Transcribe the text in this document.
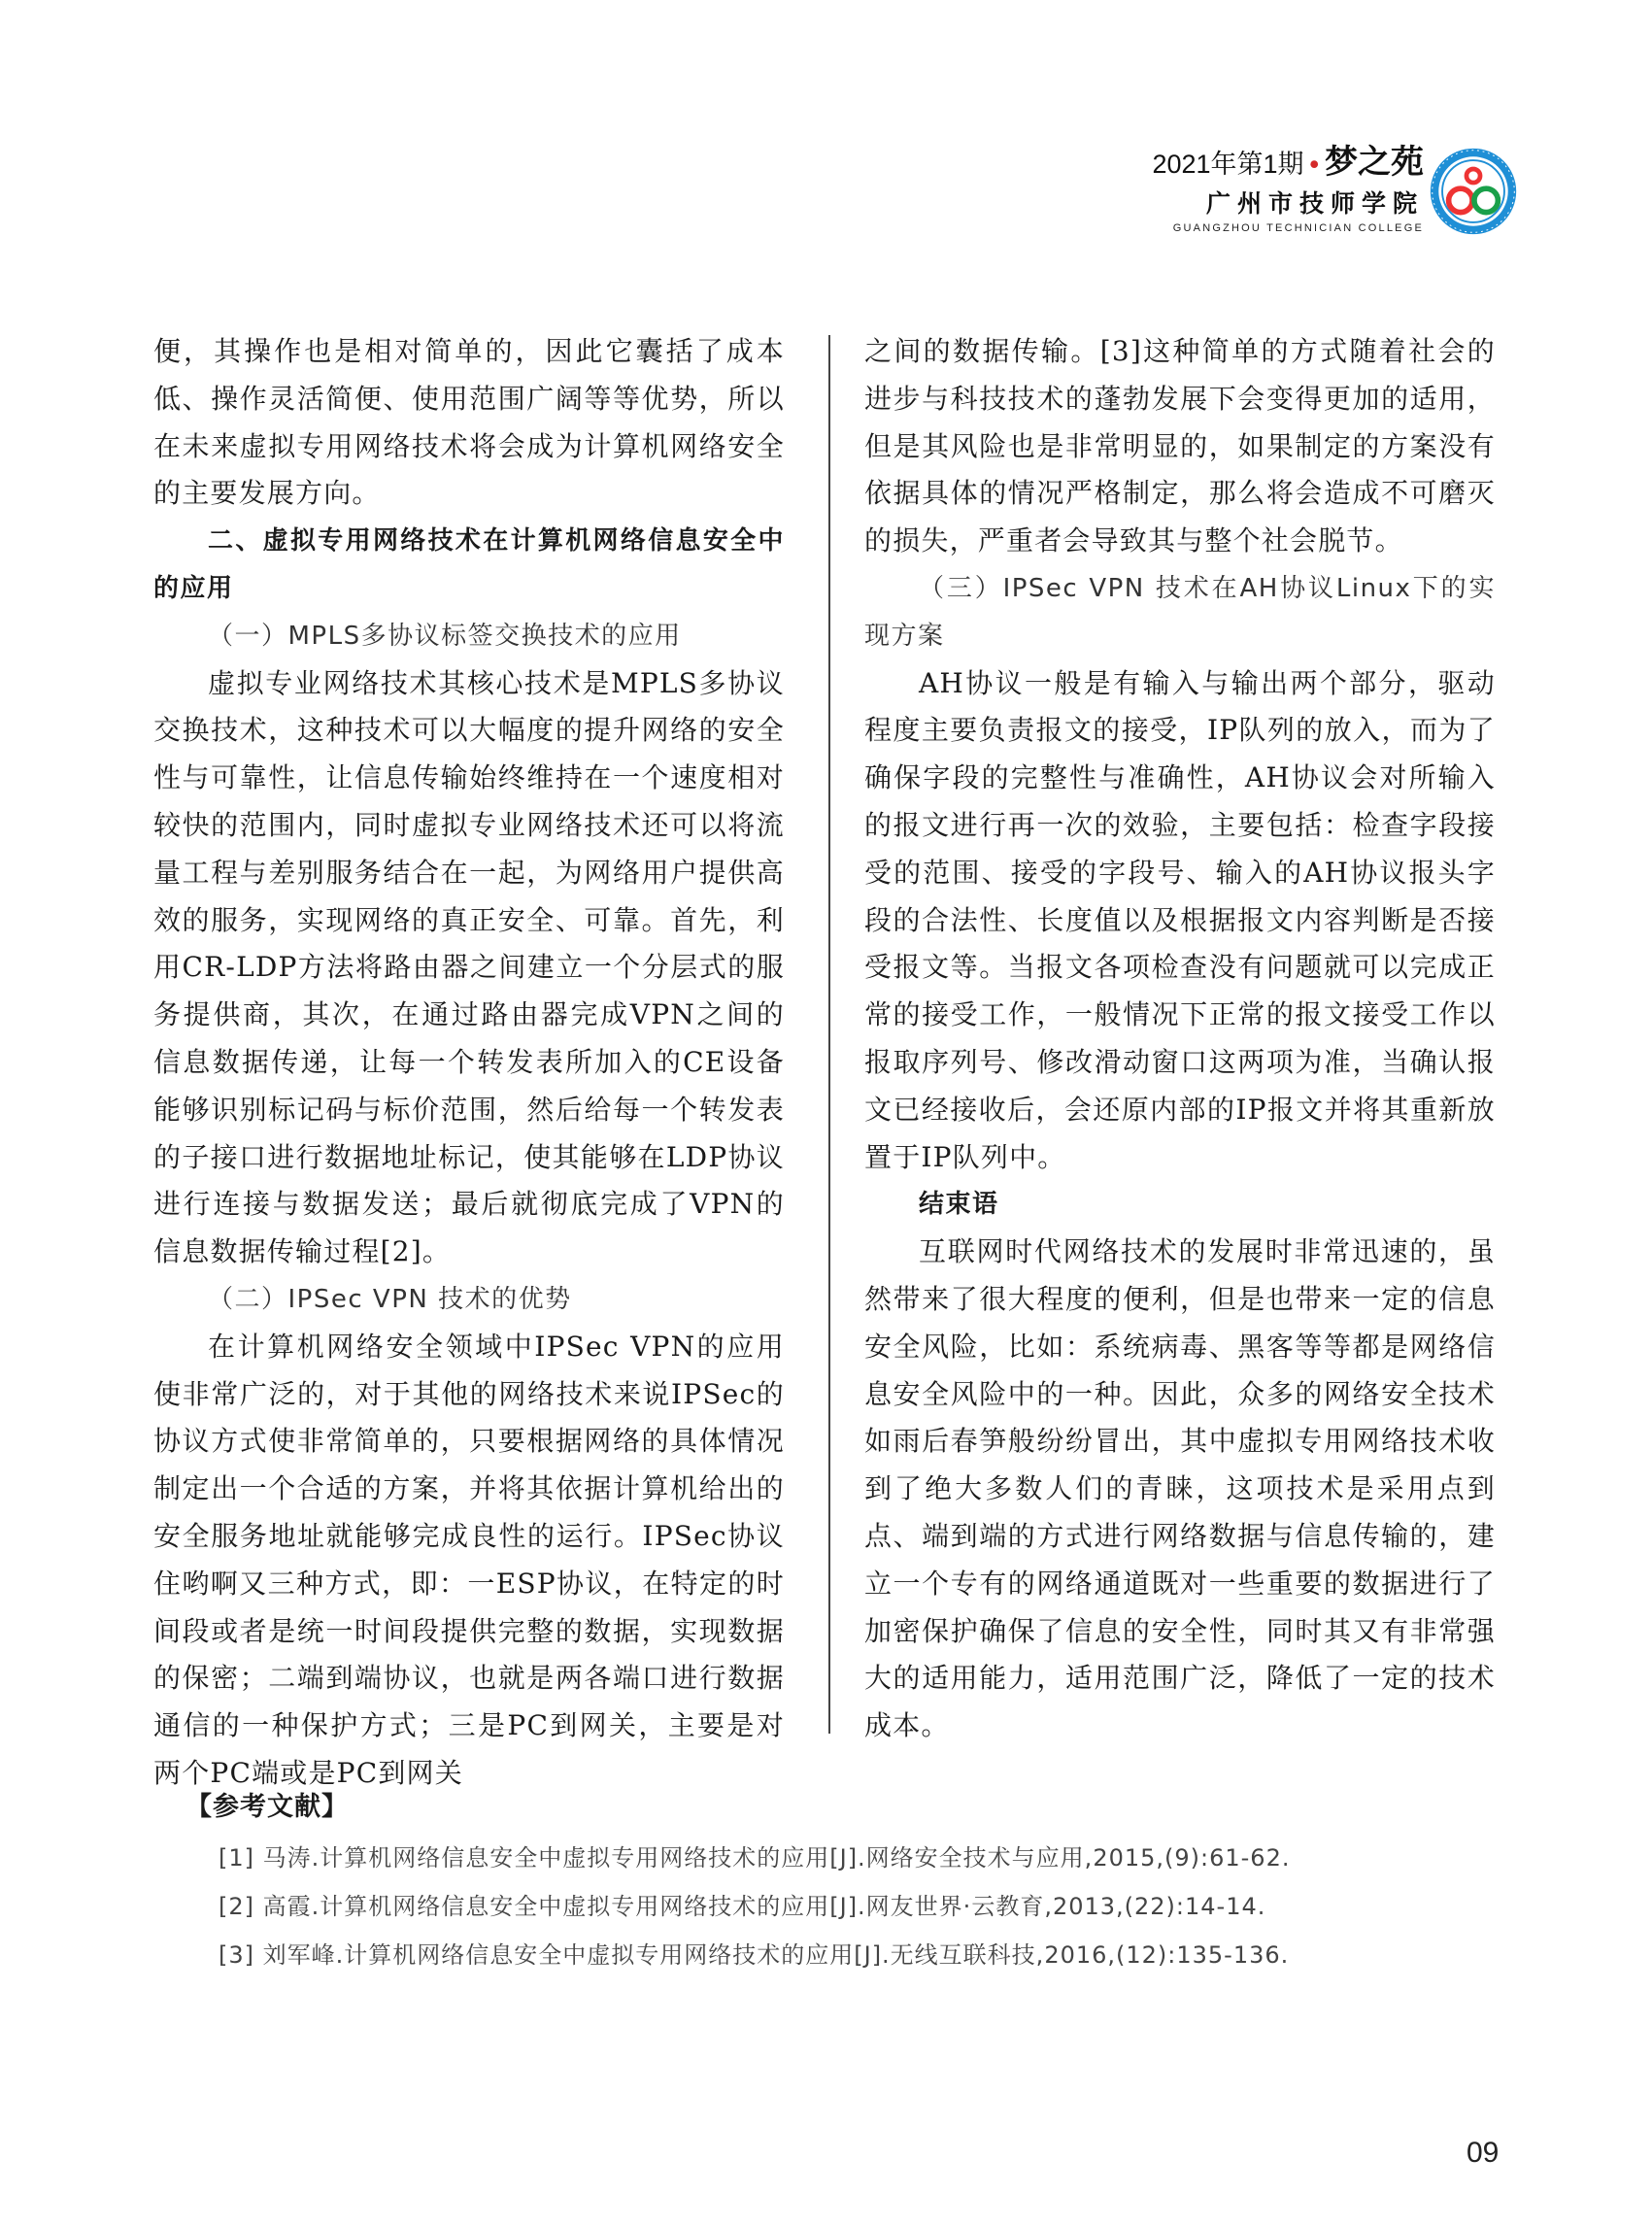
2021年第1期 • 梦之苑
广州市技师学院
GUANGZHOU TECHNICIAN COLLEGE

便，其操作也是相对简单的，因此它囊括了成本低、操作灵活简便、使用范围广阔等等优势，所以在未来虚拟专用网络技术将会成为计算机网络安全的主要发展方向。

二、虚拟专用网络技术在计算机网络信息安全中的应用

（一）MPLS多协议标签交换技术的应用

虚拟专业网络技术其核心技术是MPLS多协议交换技术，这种技术可以大幅度的提升网络的安全性与可靠性，让信息传输始终维持在一个速度相对较快的范围内，同时虚拟专业网络技术还可以将流量工程与差别服务结合在一起，为网络用户提供高效的服务，实现网络的真正安全、可靠。首先，利用CR-LDP方法将路由器之间建立一个分层式的服务提供商，其次，在通过路由器完成VPN之间的信息数据传递，让每一个转发表所加入的CE设备能够识别标记码与标价范围，然后给每一个转发表的子接口进行数据地址标记，使其能够在LDP协议进行连接与数据发送；最后就彻底完成了VPN的信息数据传输过程[2]。

（二）IPSec VPN 技术的优势

在计算机网络安全领域中IPSec VPN的应用使非常广泛的，对于其他的网络技术来说IPSec的协议方式使非常简单的，只要根据网络的具体情况制定出一个合适的方案，并将其依据计算机给出的安全服务地址就能够完成良性的运行。IPSec协议住哟啊又三种方式，即：一ESP协议，在特定的时间段或者是统一时间段提供完整的数据，实现数据的保密；二端到端协议，也就是两各端口进行数据通信的一种保护方式；三是PC到网关，主要是对两个PC端或是PC到网关

之间的数据传输。[3]这种简单的方式随着社会的进步与科技技术的蓬勃发展下会变得更加的适用，但是其风险也是非常明显的，如果制定的方案没有依据具体的情况严格制定，那么将会造成不可磨灭的损失，严重者会导致其与整个社会脱节。

（三）IPSec VPN 技术在AH协议Linux下的实现方案

AH协议一般是有输入与输出两个部分，驱动程度主要负责报文的接受，IP队列的放入，而为了确保字段的完整性与准确性，AH协议会对所输入的报文进行再一次的效验，主要包括：检查字段接受的范围、接受的字段号、输入的AH协议报头字段的合法性、长度值以及根据报文内容判断是否接受报文等。当报文各项检查没有问题就可以完成正常的接受工作，一般情况下正常的报文接受工作以报取序列号、修改滑动窗口这两项为准，当确认报文已经接收后，会还原内部的IP报文并将其重新放置于IP队列中。

结束语

互联网时代网络技术的发展时非常迅速的，虽然带来了很大程度的便利，但是也带来一定的信息安全风险，比如：系统病毒、黑客等等都是网络信息安全风险中的一种。因此，众多的网络安全技术如雨后春笋般纷纷冒出，其中虚拟专用网络技术收到了绝大多数人们的青睐，这项技术是采用点到点、端到端的方式进行网络数据与信息传输的，建立一个专有的网络通道既对一些重要的数据进行了加密保护确保了信息的安全性，同时其又有非常强大的适用能力，适用范围广泛，降低了一定的技术成本。

【参考文献】
[1] 马涛.计算机网络信息安全中虚拟专用网络技术的应用[J].网络安全技术与应用,2015,(9):61-62.
[2] 高霞.计算机网络信息安全中虚拟专用网络技术的应用[J].网友世界·云教育,2013,(22):14-14.
[3] 刘军峰.计算机网络信息安全中虚拟专用网络技术的应用[J].无线互联科技,2016,(12):135-136.
09
